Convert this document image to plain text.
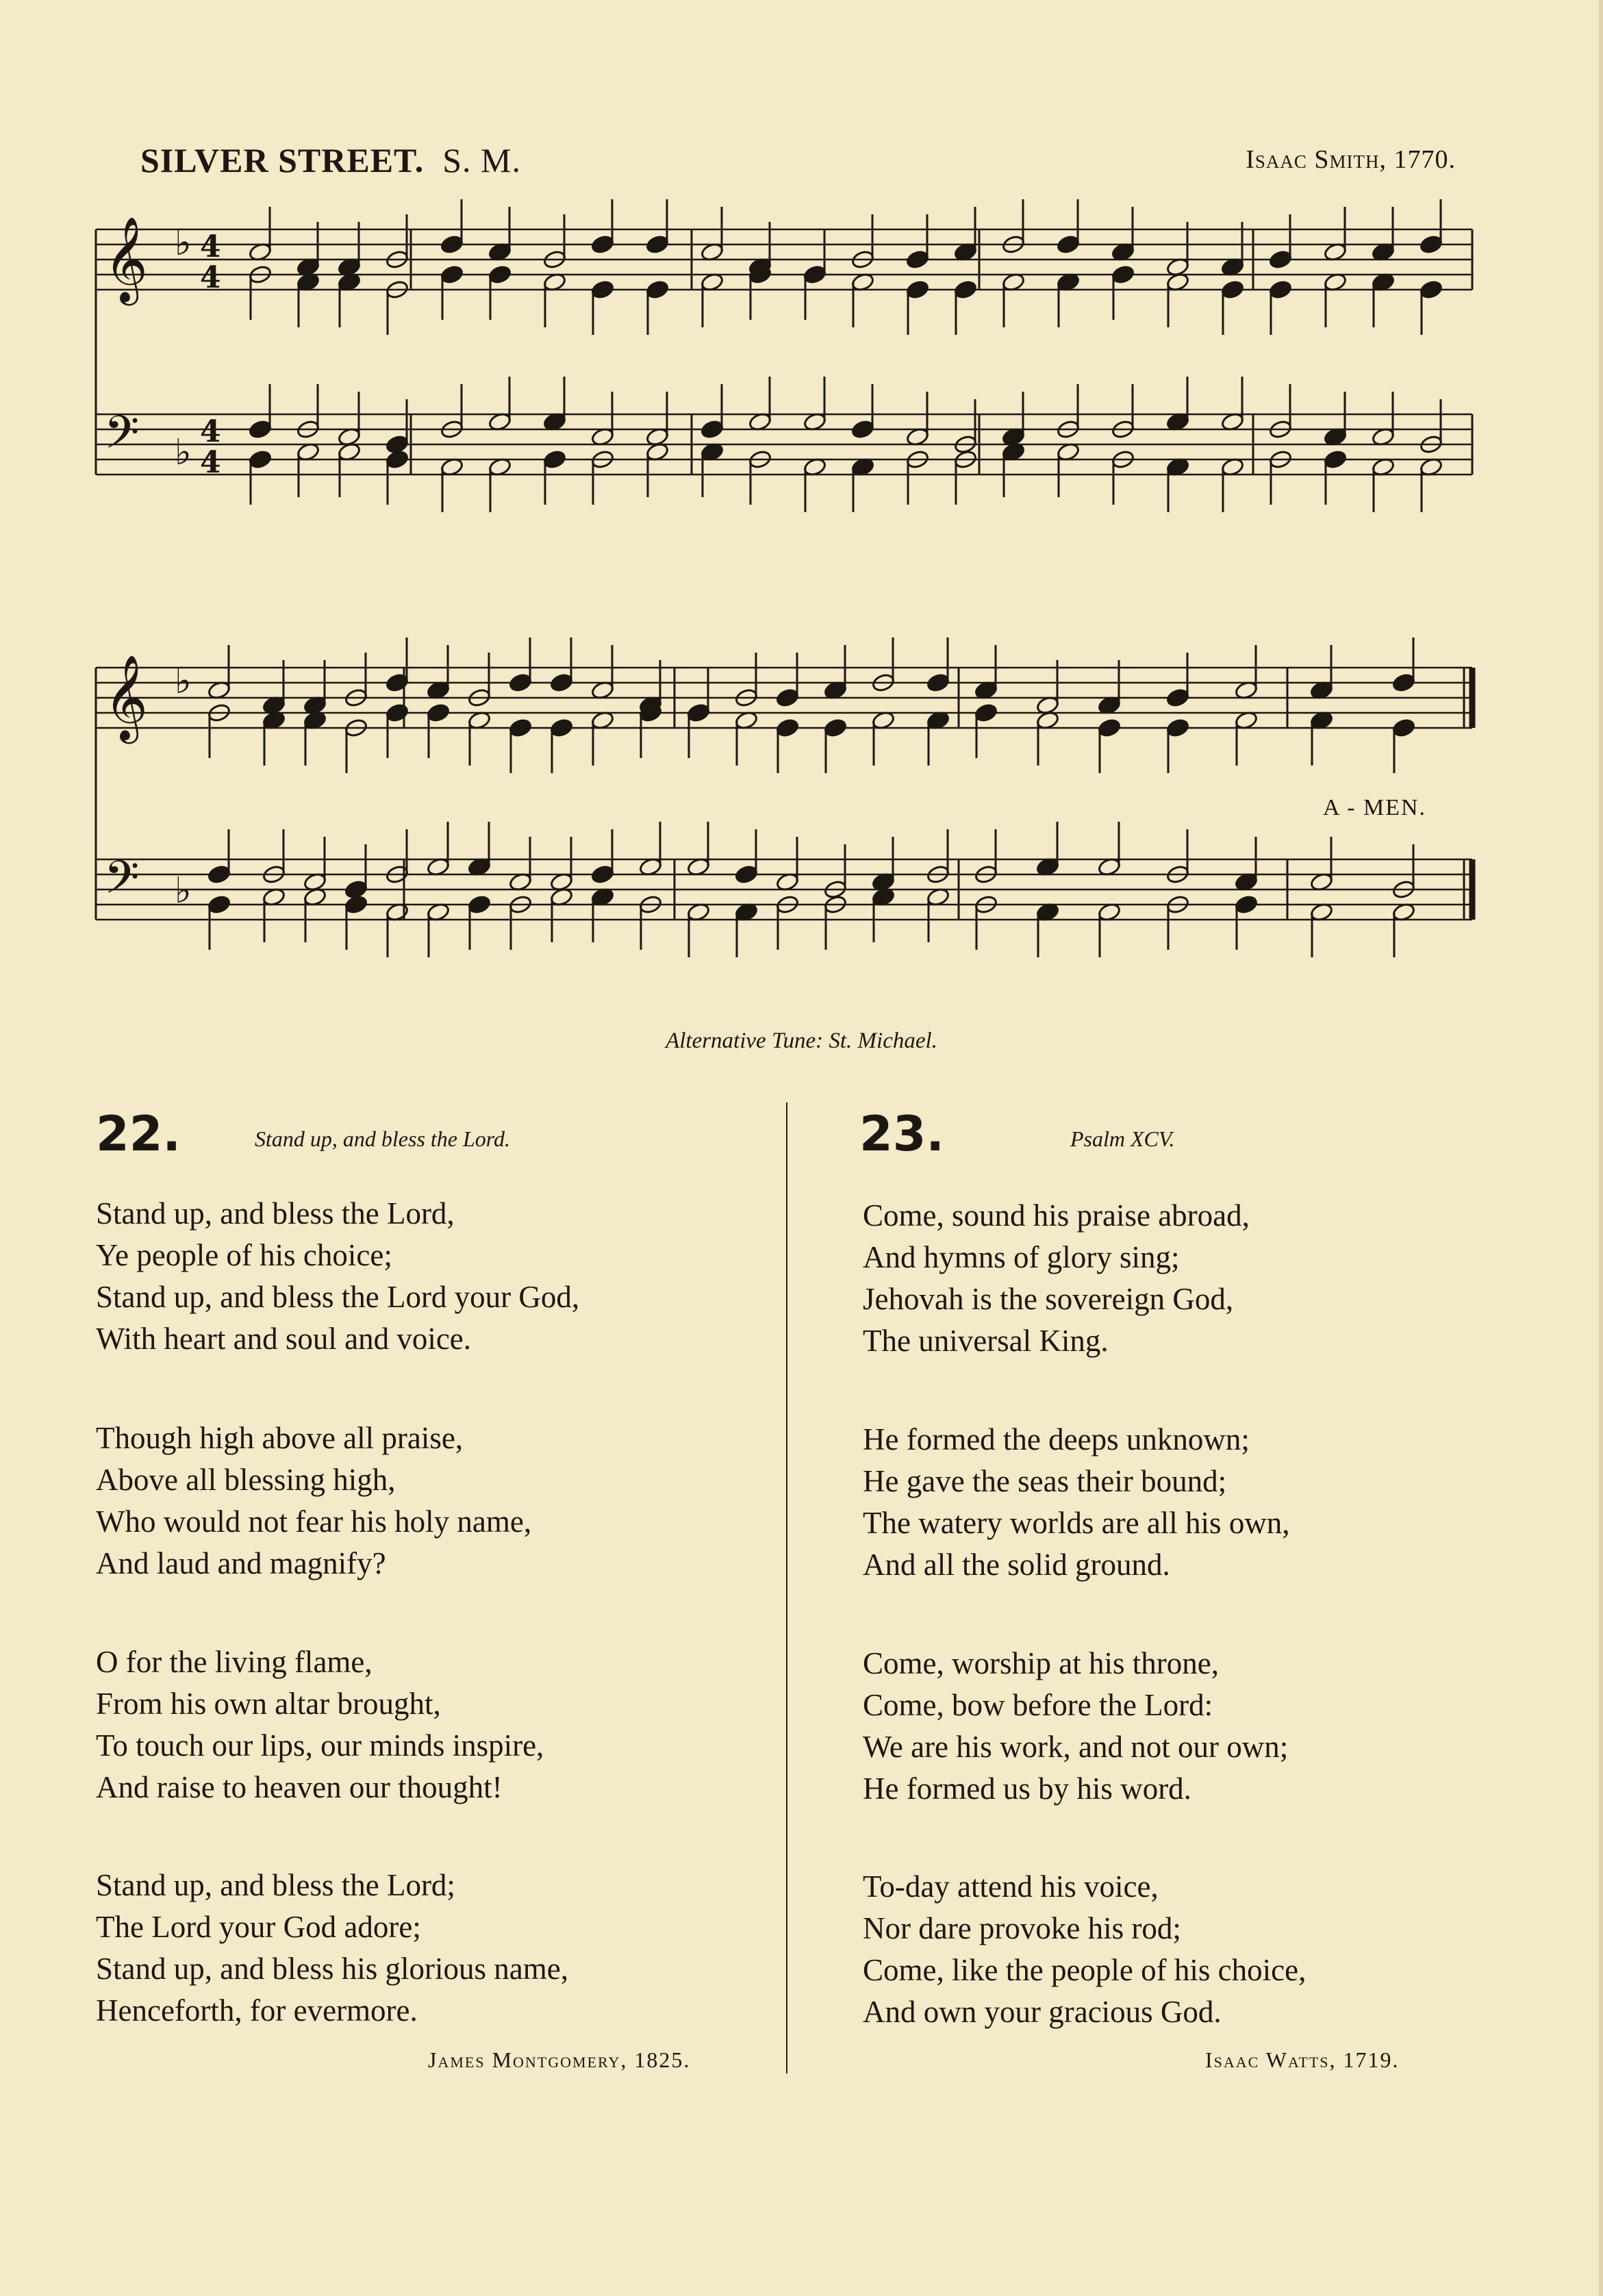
SILVER STREET. S. M.	Isaac Smith, 1770.
𝄞
𝄢
𝄞
𝄢
♭
♭
♭
♭
4
4
4
4
A - MEN.
Alternative Tune: St. Michael.
22.	Stand up, and bless the Lord.
Stand up, and bless the Lord,
Ye people of his choice;
Stand up, and bless the Lord your God,
With heart and soul and voice.
Though high above all praise,
Above all blessing high,
Who would not fear his holy name,
And laud and magnify?
O for the living flame,
From his own altar brought,
To touch our lips, our minds inspire,
And raise to heaven our thought!
Stand up, and bless the Lord;
The Lord your God adore;
Stand up, and bless his glorious name,
Henceforth, for evermore.
James Montgomery, 1825.
23.	Psalm XCV.
Come, sound his praise abroad,
And hymns of glory sing;
Jehovah is the sovereign God,
The universal King.
He formed the deeps unknown;
He gave the seas their bound;
The watery worlds are all his own,
And all the solid ground.
Come, worship at his throne,
Come, bow before the Lord:
We are his work, and not our own;
He formed us by his word.
To-day attend his voice,
Nor dare provoke his rod;
Come, like the people of his choice,
And own your gracious God.
Isaac Watts, 1719.
